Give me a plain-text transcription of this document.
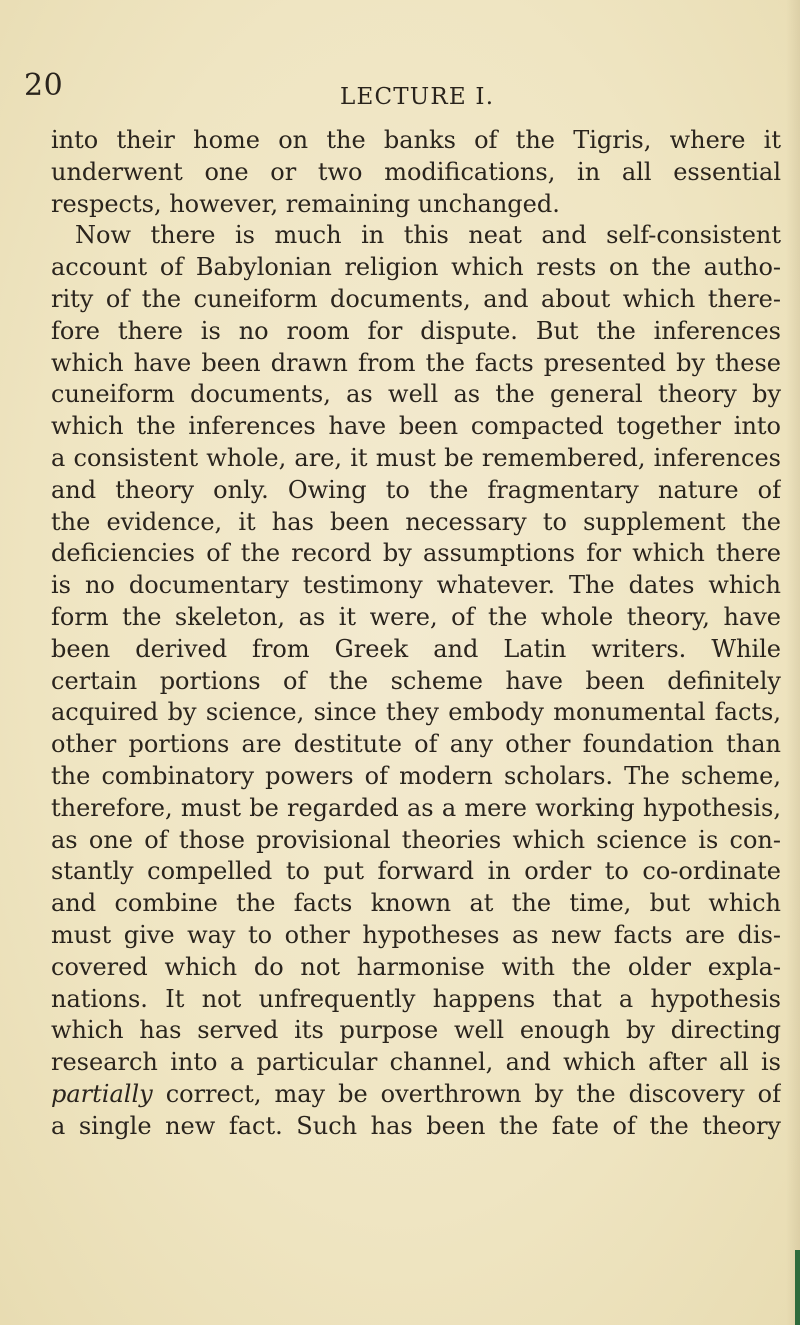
20	LECTURE I.
into their home on the banks of the Tigris, where it
underwent one or two modifications, in all essential
respects, however, remaining unchanged.
Now there is much in this neat and self-consistent
account of Babylonian religion which rests on the autho-
rity of the cuneiform documents, and about which there-
fore there is no room for dispute. But the inferences
which have been drawn from the facts presented by these
cuneiform documents, as well as the general theory by
which the inferences have been compacted together into
a consistent whole, are, it must be remembered, inferences
and theory only. Owing to the fragmentary nature of
the evidence, it has been necessary to supplement the
deficiencies of the record by assumptions for which there
is no documentary testimony whatever. The dates which
form the skeleton, as it were, of the whole theory, have
been derived from Greek and Latin writers. While
certain portions of the scheme have been definitely
acquired by science, since they embody monumental facts,
other portions are destitute of any other foundation than
the combinatory powers of modern scholars. The scheme,
therefore, must be regarded as a mere working hypothesis,
as one of those provisional theories which science is con-
stantly compelled to put forward in order to co-ordinate
and combine the facts known at the time, but which
must give way to other hypotheses as new facts are dis-
covered which do not harmonise with the older expla-
nations. It not unfrequently happens that a hypothesis
which has served its purpose well enough by directing
research into a particular channel, and which after all is
partially correct, may be overthrown by the discovery of
a single new fact. Such has been the fate of the theory
